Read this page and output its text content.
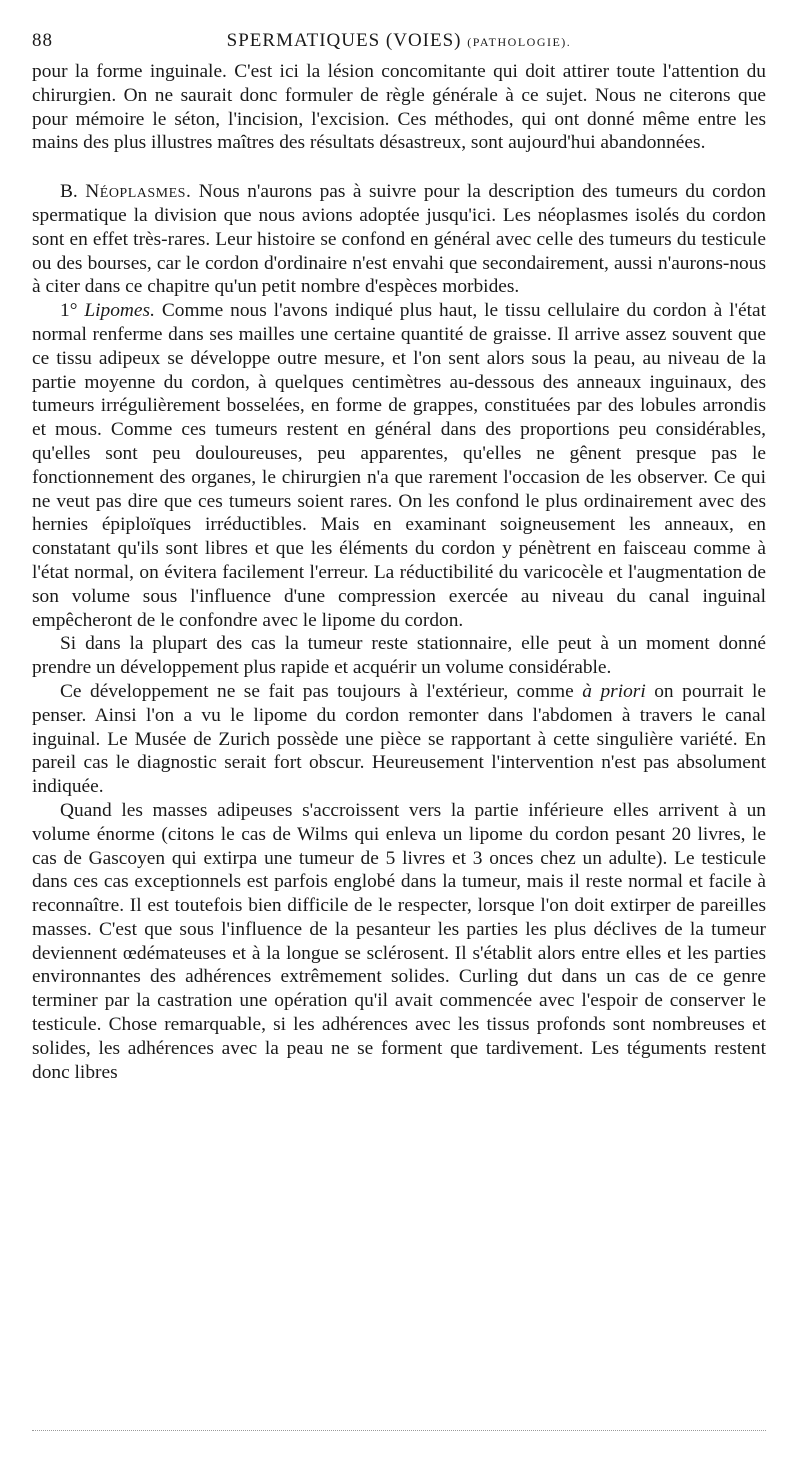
88	SPERMATIQUES (VOIES) (PATHOLOGIE).

pour la forme inguinale. C'est ici la lésion concomitante qui doit attirer toute l'attention du chirurgien. On ne saurait donc formuler de règle générale à ce sujet. Nous ne citerons que pour mémoire le séton, l'incision, l'excision. Ces méthodes, qui ont donné même entre les mains des plus illustres maîtres des résultats désastreux, sont aujourd'hui abandonnées.

B. Néoplasmes. Nous n'aurons pas à suivre pour la description des tumeurs du cordon spermatique la division que nous avions adoptée jusqu'ici. Les néoplasmes isolés du cordon sont en effet très-rares. Leur histoire se confond en général avec celle des tumeurs du testicule ou des bourses, car le cordon d'ordinaire n'est envahi que secondairement, aussi n'aurons-nous à citer dans ce chapitre qu'un petit nombre d'espèces morbides.

1° Lipomes. Comme nous l'avons indiqué plus haut, le tissu cellulaire du cordon à l'état normal renferme dans ses mailles une certaine quantité de graisse. Il arrive assez souvent que ce tissu adipeux se développe outre mesure, et l'on sent alors sous la peau, au niveau de la partie moyenne du cordon, à quelques centimètres au-dessous des anneaux inguinaux, des tumeurs irrégulièrement bosselées, en forme de grappes, constituées par des lobules arrondis et mous. Comme ces tumeurs restent en général dans des proportions peu considérables, qu'elles sont peu douloureuses, peu apparentes, qu'elles ne gênent presque pas le fonctionnement des organes, le chirurgien n'a que rarement l'occasion de les observer. Ce qui ne veut pas dire que ces tumeurs soient rares. On les confond le plus ordinairement avec des hernies épiploïques irréductibles. Mais en examinant soigneusement les anneaux, en constatant qu'ils sont libres et que les éléments du cordon y pénètrent en faisceau comme à l'état normal, on évitera facilement l'erreur. La réductibilité du varicocèle et l'augmentation de son volume sous l'influence d'une compression exercée au niveau du canal inguinal empêcheront de le confondre avec le lipome du cordon.

Si dans la plupart des cas la tumeur reste stationnaire, elle peut à un moment donné prendre un développement plus rapide et acquérir un volume considérable.

Ce développement ne se fait pas toujours à l'extérieur, comme à priori on pourrait le penser. Ainsi l'on a vu le lipome du cordon remonter dans l'abdomen à travers le canal inguinal. Le Musée de Zurich possède une pièce se rapportant à cette singulière variété. En pareil cas le diagnostic serait fort obscur. Heureusement l'intervention n'est pas absolument indiquée.

Quand les masses adipeuses s'accroissent vers la partie inférieure elles arrivent à un volume énorme (citons le cas de Wilms qui enleva un lipome du cordon pesant 20 livres, le cas de Gascoyen qui extirpa une tumeur de 5 livres et 3 onces chez un adulte). Le testicule dans ces cas exceptionnels est parfois englobé dans la tumeur, mais il reste normal et facile à reconnaître. Il est toutefois bien difficile de le respecter, lorsque l'on doit extirper de pareilles masses. C'est que sous l'influence de la pesanteur les parties les plus déclives de la tumeur deviennent œdémateuses et à la longue se sclérosent. Il s'établit alors entre elles et les parties environnantes des adhérences extrêmement solides. Curling dut dans un cas de ce genre terminer par la castration une opération qu'il avait commencée avec l'espoir de conserver le testicule. Chose remarquable, si les adhérences avec les tissus profonds sont nombreuses et solides, les adhérences avec la peau ne se forment que tardivement. Les téguments restent donc libres
